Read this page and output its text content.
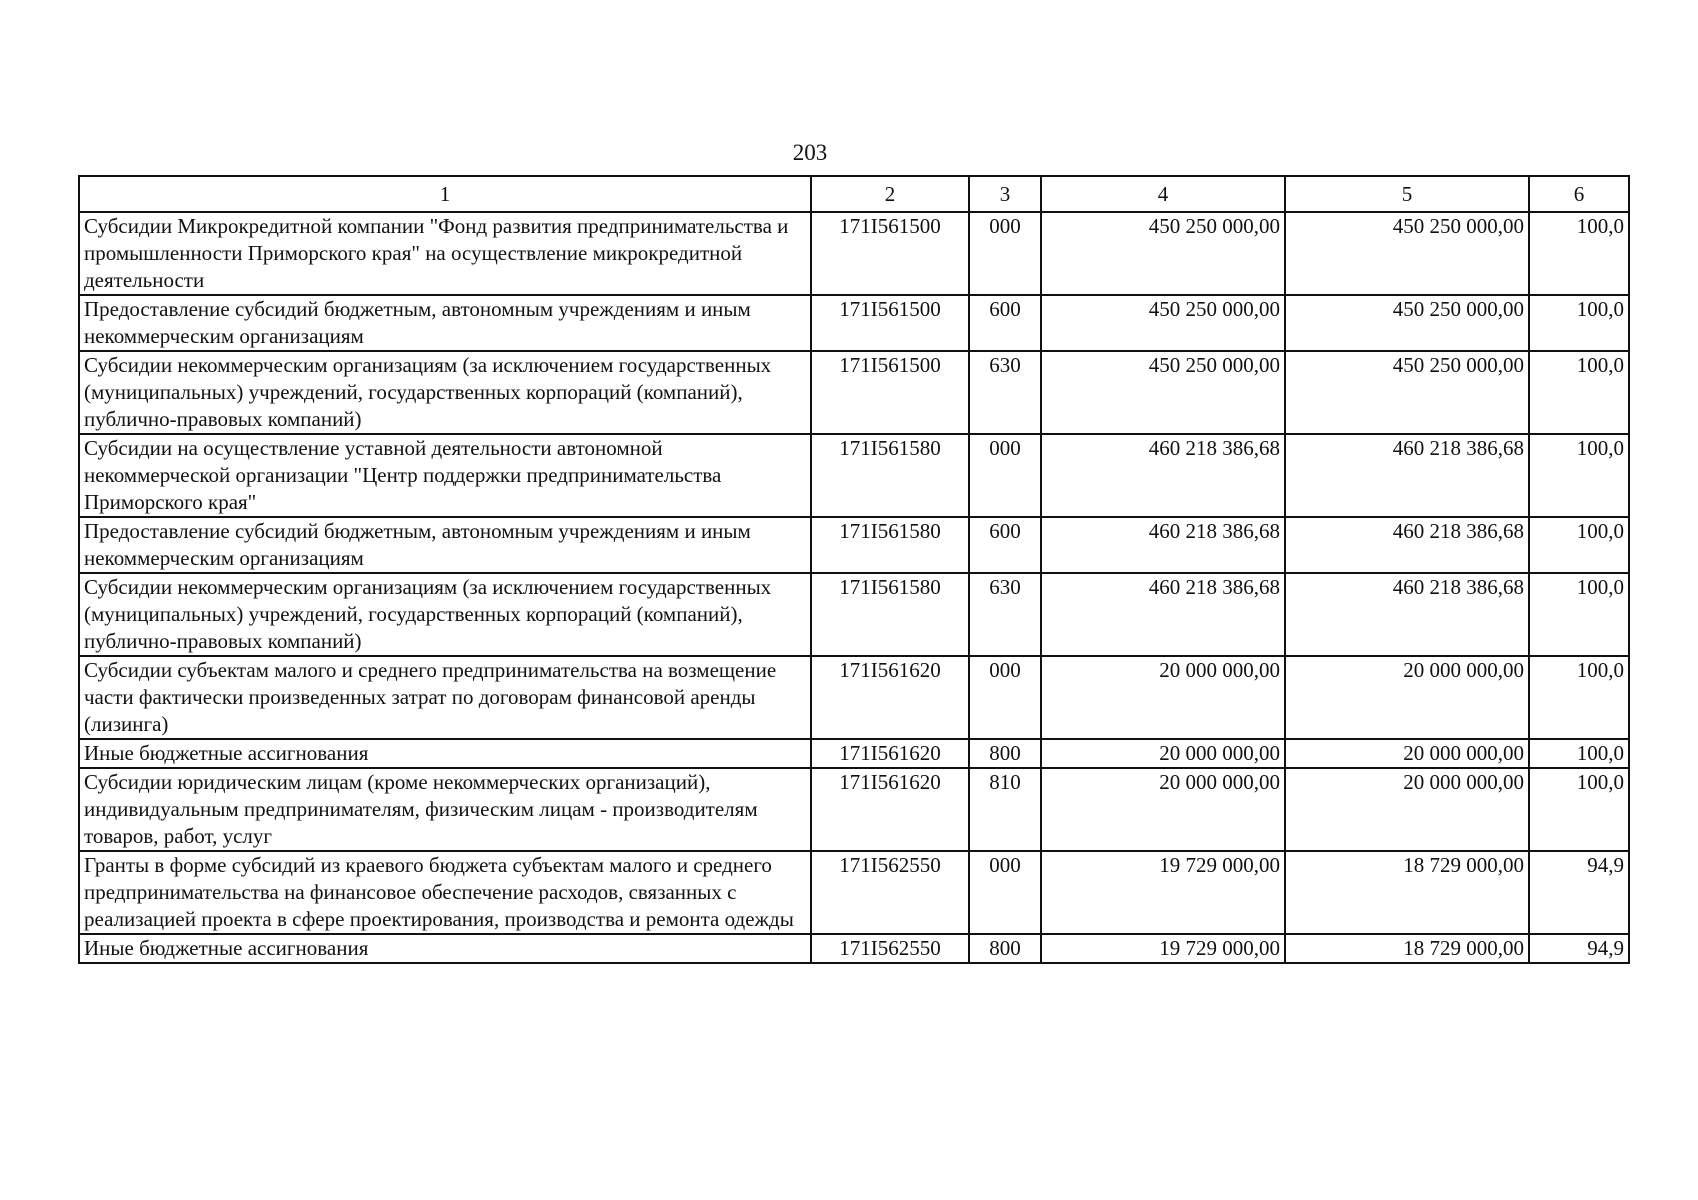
203
1	2	3	4	5	6
Субсидии Микрокредитной компании "Фонд развития предпринимательства и промышленности Приморского края" на осуществление микрокредитной деятельности	171I561500	000	450 250 000,00	450 250 000,00	100,0
Предоставление субсидий бюджетным, автономным учреждениям и иным некоммерческим организациям	171I561500	600	450 250 000,00	450 250 000,00	100,0
Субсидии некоммерческим организациям (за исключением государственных (муниципальных) учреждений, государственных корпораций (компаний), публично-правовых компаний)	171I561500	630	450 250 000,00	450 250 000,00	100,0
Субсидии на осуществление уставной деятельности автономной некоммерческой организации "Центр поддержки предпринимательства Приморского края"	171I561580	000	460 218 386,68	460 218 386,68	100,0
Предоставление субсидий бюджетным, автономным учреждениям и иным некоммерческим организациям	171I561580	600	460 218 386,68	460 218 386,68	100,0
Субсидии некоммерческим организациям (за исключением государственных (муниципальных) учреждений, государственных корпораций (компаний), публично-правовых компаний)	171I561580	630	460 218 386,68	460 218 386,68	100,0
Субсидии субъектам малого и среднего предпринимательства на возмещение части фактически произведенных затрат по договорам финансовой аренды (лизинга)	171I561620	000	20 000 000,00	20 000 000,00	100,0
Иные бюджетные ассигнования	171I561620	800	20 000 000,00	20 000 000,00	100,0
Субсидии юридическим лицам (кроме некоммерческих организаций), индивидуальным предпринимателям, физическим лицам - производителям товаров, работ, услуг	171I561620	810	20 000 000,00	20 000 000,00	100,0
Гранты в форме субсидий из краевого бюджета субъектам малого и среднего предпринимательства на финансовое обеспечение расходов, связанных с реализацией проекта в сфере проектирования, производства и ремонта одежды	171I562550	000	19 729 000,00	18 729 000,00	94,9
Иные бюджетные ассигнования	171I562550	800	19 729 000,00	18 729 000,00	94,9
